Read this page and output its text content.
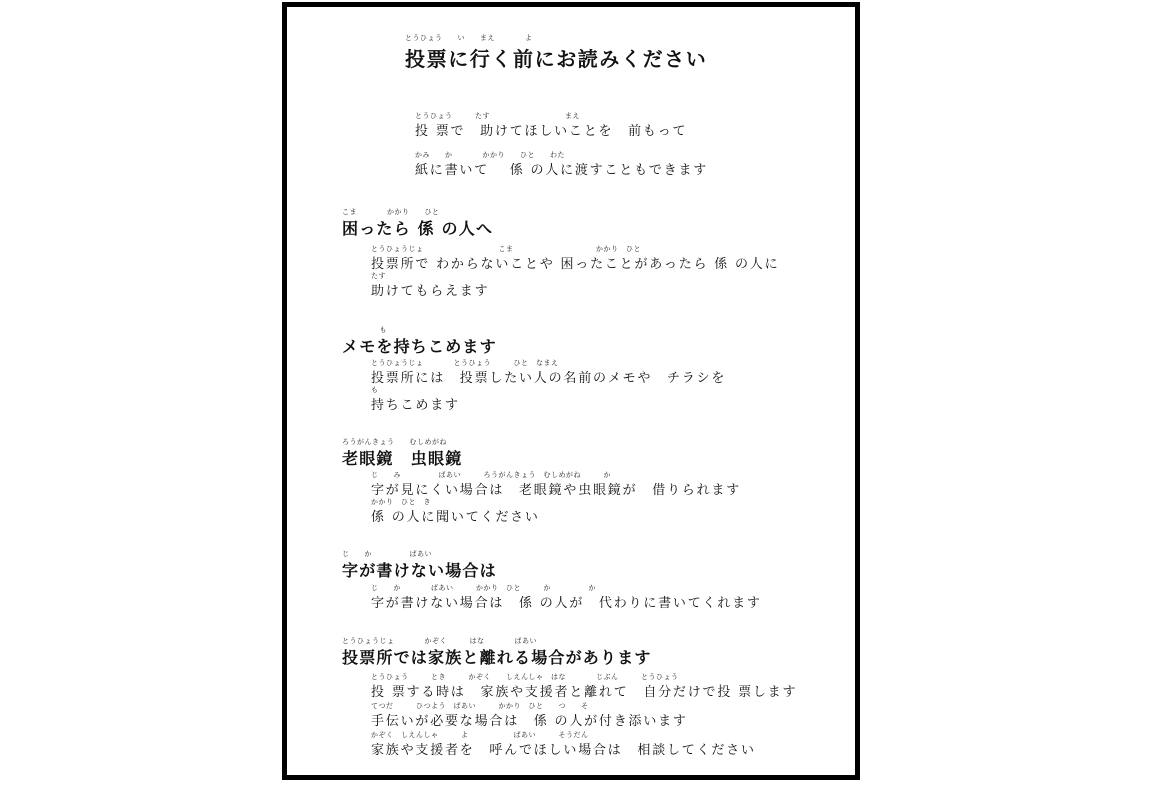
とうひょう　　い　　まえ　　　　よ
投票に行く前にお読みください
とうひょう　　　たす　　　　　　　　　　まえ
投 票で　助けてほしいことを　前もって
かみ　　か　　　　かかり　　ひと　　わた
紙に書いて　 係 の人に渡すこともできます
こま　　　　かかり　　ひと
困ったら 係 の人へ
とうひょうじょ　　　　　　　　　　こま　　　　　　　　　　　かかり　ひと
投票所で わからないことや 困ったことがあったら 係 の人に
たす
助けてもらえます
　　　　　も
メモを持ちこめます
とうひょうじょ　　　　とうひょう　　　ひと　なまえ
投票所には　投票したい人の名前のメモや　チラシを
も
持ちこめます
ろうがんきょう　　むしめがね
老眼鏡　虫眼鏡
じ　　み　　　　　ばあい　　　ろうがんきょう　むしめがね　　　か
字が見にくい場合は　老眼鏡や虫眼鏡が　借りられます
かかり　ひと　き
係 の人に聞いてください
じ　　か　　　　　ばあい
字が書けない場合は
じ　　か　　　　ばあい　　　かかり　ひと　　　か　　　　　か
字が書けない場合は　係 の人が　代わりに書いてくれます
とうひょうじょ　　　　かぞく　　　はな　　　　ばあい
投票所では家族と離れる場合があります
とうひょう　　　とき　　　かぞく　　しえんしゃ　はな　　　　じぶん　　　とうひょう
投 票する時は　家族や支援者と離れて　自分だけで投 票します
てつだ　　　ひつよう　ばあい　　　かかり　ひと　　つ　　そ
手伝いが必要な場合は　係 の人が付き添います
かぞく　しえんしゃ　　　よ　　　　　　ばあい　　　そうだん
家族や支援者を　呼んでほしい場合は　相談してください
